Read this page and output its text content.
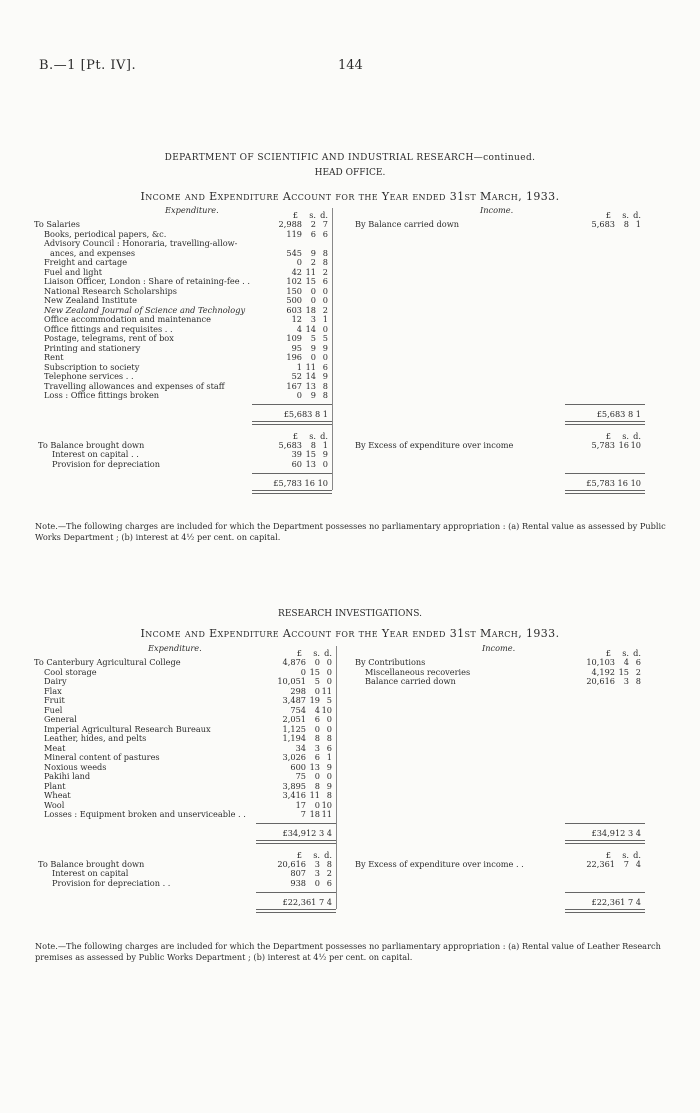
B.—1 [Pt. IV].	144
DEPARTMENT OF SCIENTIFIC AND INDUSTRIAL RESEARCH—continued.
HEAD OFFICE.
Income and Expenditure Account for the Year ended 31st March, 1933.
Expenditure.	Income.
£	s. d.	£	s. d.
To Salaries	2,988	2 7
Books, periodical papers, &c.	119	6 6
Advisory Council : Honoraria, travelling-allow-
ances, and expenses	545	9 8
Freight and cartage	0	2 8
Fuel and light	42 11 2
Liaison Officer, London : Share of retaining-fee . .	102 15 6
National Research Scholarships	150	0 0
New Zealand Institute	500	0 0
New Zealand Journal of Science and Technology	603 18 2
Office accommodation and maintenance	12	3 1
Office fittings and requisites . .	4 14 0
Postage, telegrams, rent of box	109	5 5
Printing and stationery	95	9 9
Rent	196	0 0
Subscription to society	1 11 6
Telephone services . .	52 14 9
Travelling allowances and expenses of staff	167 13 8
Loss : Office fittings broken	0	9 8
By Balance carried down	5,683	8 1
£5,683 8 1	£5,683 8 1
£	s. d.	£	s. d.
To Balance brought down	5,683	8 1
Interest on capital . .	39 15 9
Provision for depreciation	60 13 0
By Excess of expenditure over income	5,783 16 10
£5,783 16 10	£5,783 16 10
Note.—The following charges are included for which the Department possesses no parliamentary appropriation : (a) Rental value as assessed by Public Works Department ; (b) interest at 4½ per cent. on capital.
RESEARCH INVESTIGATIONS.
Income and Expenditure Account for the Year ended 31st March, 1933.
Expenditure.	Income.
£	s. d.	£	s. d.
To Canterbury Agricultural College	4,876	0 0
Cool storage	0 15 0
Dairy	10,051	5 0
Flax	298	0 11
Fruit	3,487 19 5
Fuel	754	4 10
General	2,051	6 0
Imperial Agricultural Research Bureaux	1,125	0 0
Leather, hides, and pelts	1,194	8 8
Meat	34	3 6
Mineral content of pastures	3,026	6 1
Noxious weeds	600 13 9
Pakihi land	75	0 0
Plant	3,895	8 9
Wheat	3,416 11 8
Wool	17	0 10
Losses : Equipment broken and unserviceable . .	7 18 11
By Contributions	10,103	4 6
Miscellaneous recoveries	4,192 15 2
Balance carried down	20,616	3 8
£34,912 3 4	£34,912 3 4
£	s. d.	£	s. d.
To Balance brought down	20,616	3 8
Interest on capital	807	3 2
Provision for depreciation . .	938	0 6
By Excess of expenditure over income . .	22,361	7 4
£22,361 7 4	£22,361 7 4
Note.—The following charges are included for which the Department possesses no parliamentary appropriation : (a) Rental value of Leather Research premises as assessed by Public Works Department ; (b) interest at 4½ per cent. on capital.
